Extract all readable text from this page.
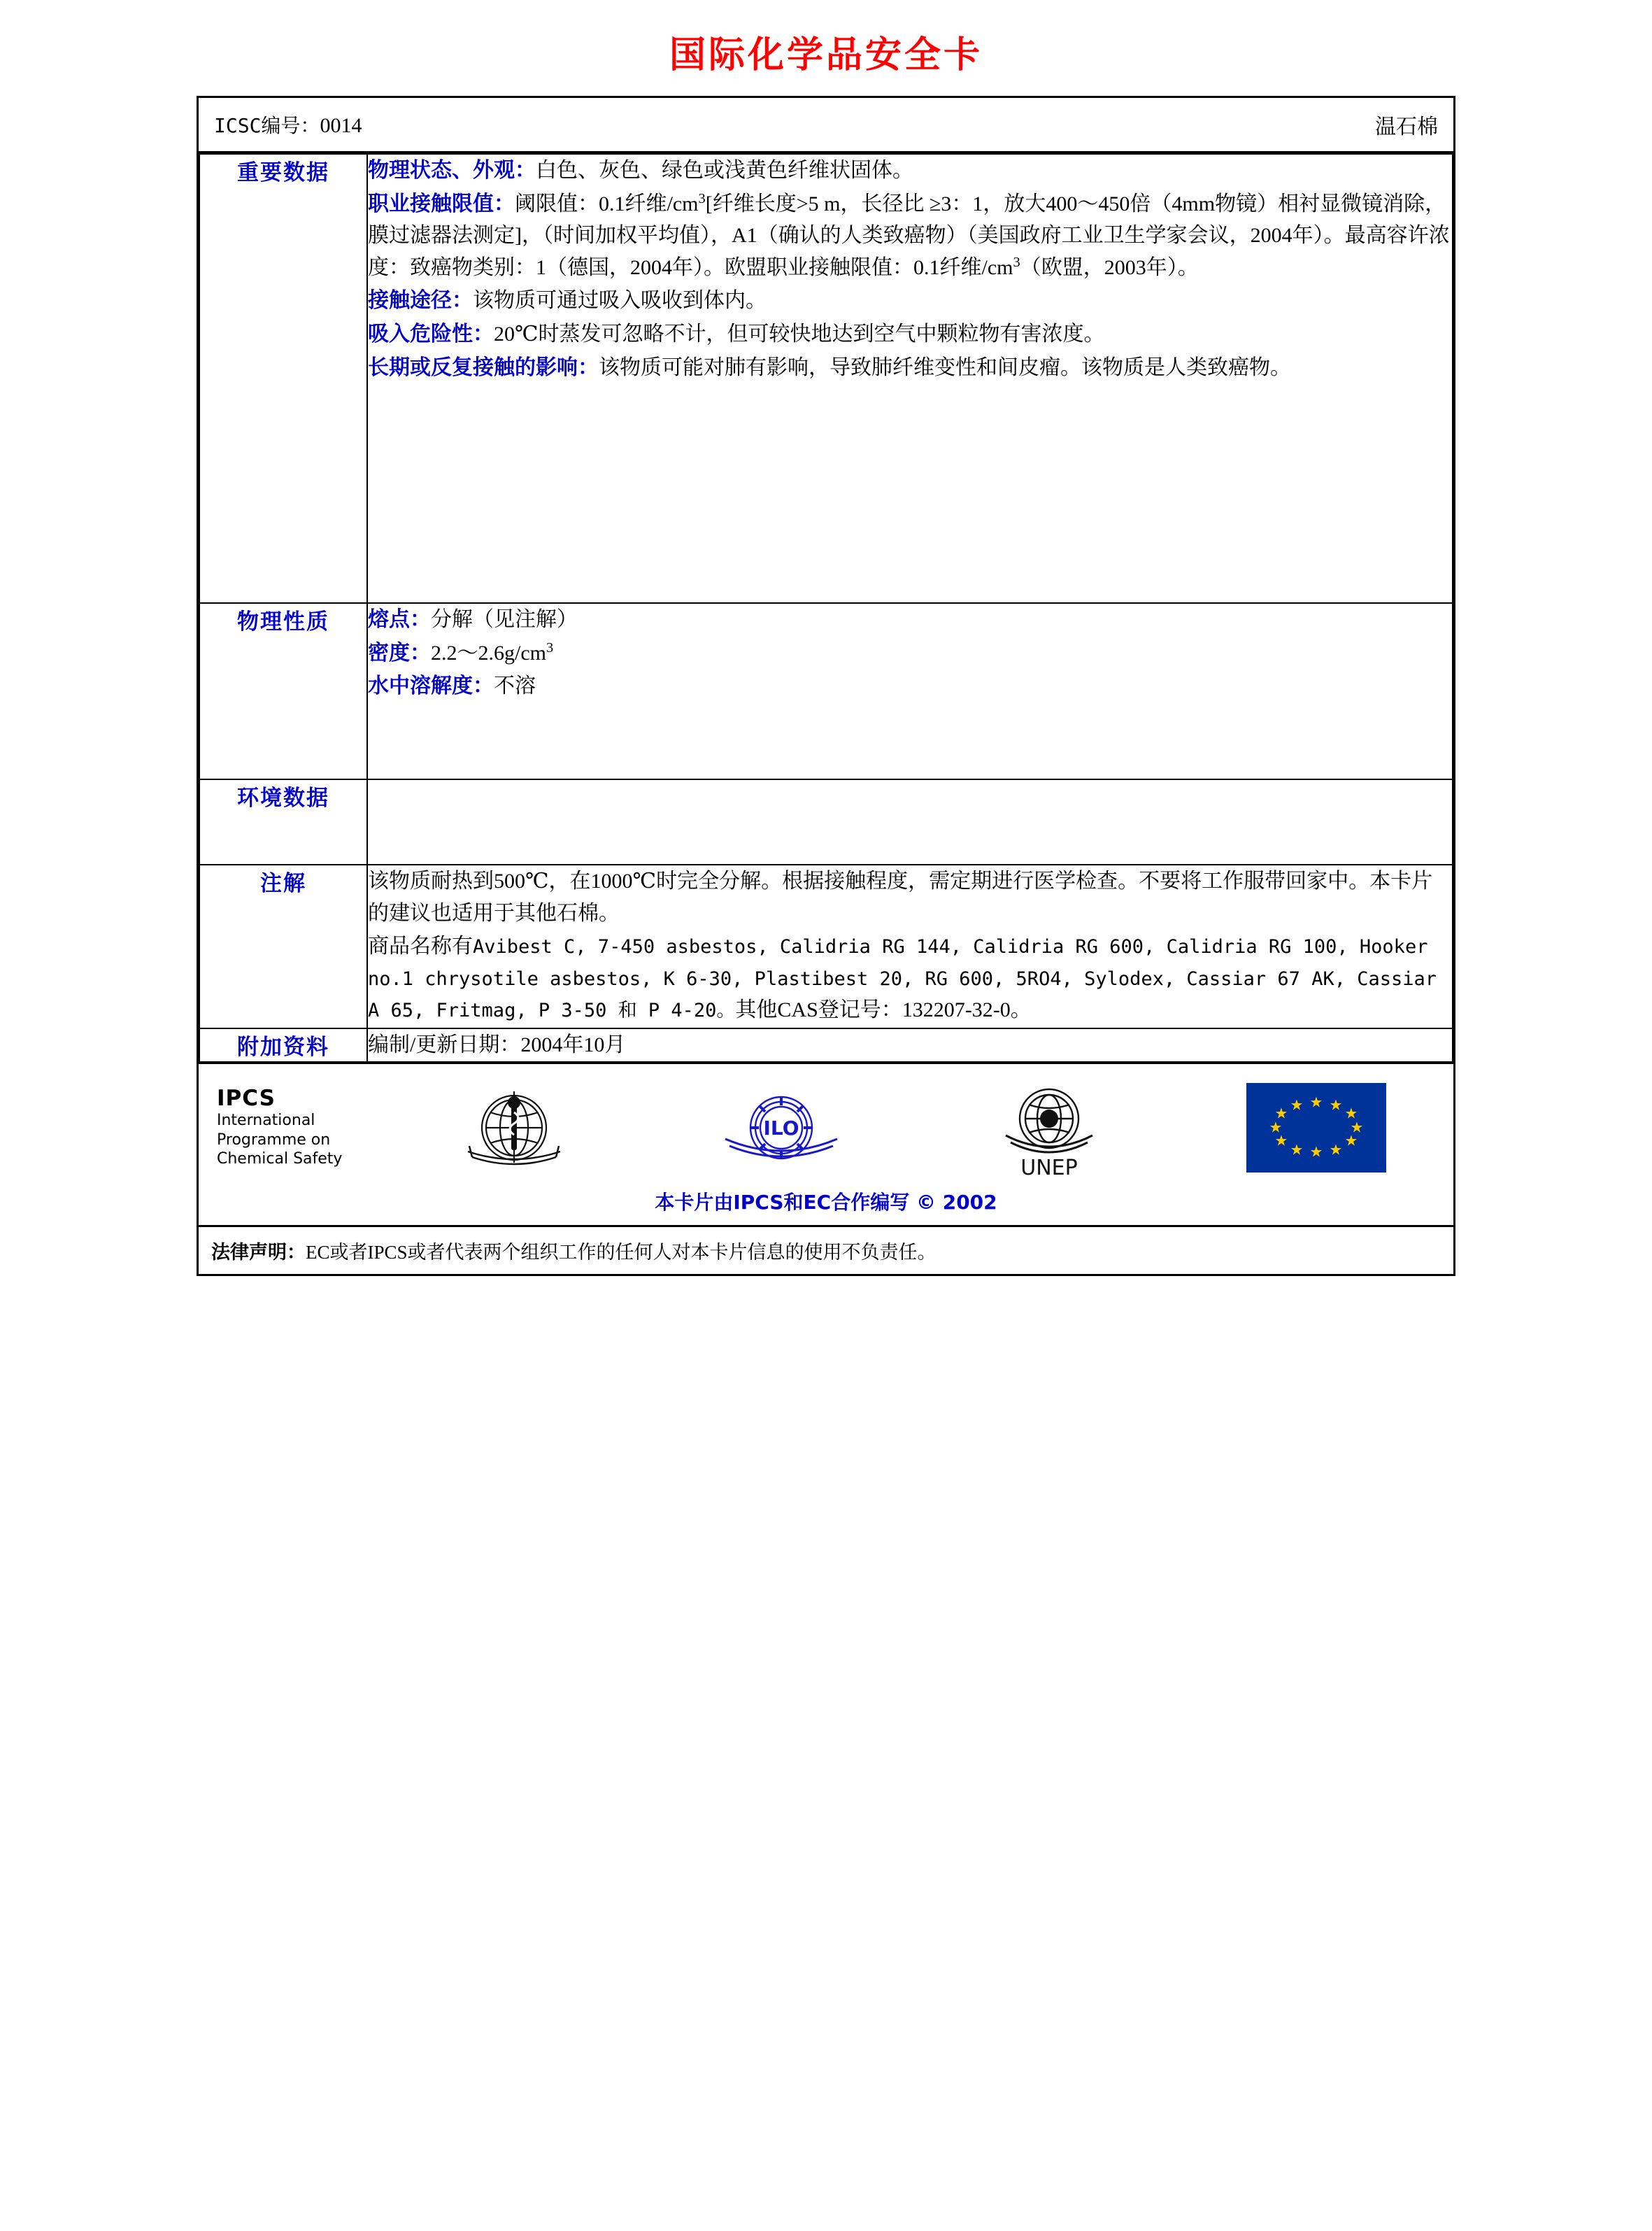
国际化学品安全卡
ICSC编号：0014	温石棉
重要数据	物理状态、外观：白色、灰色、绿色或浅黄色纤维状固体。

职业接触限值：阈限值：0.1纤维$/cm^3$[纤维长度>5 m，长径比 ≥3：1，放大400～450倍（4mm物镜）相衬显微镜消除，膜过滤器法测定]，（时间加权平均值），A1（确认的人类致癌物）（美国政府工业卫生学家会议，2004年）。最高容许浓度：致癌物类别：1（德国，2004年）。欧盟职业接触限值：0.1纤维$/cm^3$（欧盟，2003年）。

接触途径：该物质可通过吸入吸收到体内。

吸入危险性：20℃时蒸发可忽略不计，但可较快地达到空气中颗粒物有害浓度。

长期或反复接触的影响：该物质可能对肺有影响，导致肺纤维变性和间皮瘤。该物质是人类致癌物。

物理性质	熔点：分解（见注解）

密度：$2.2\sim 2.6g/cm^3$

水中溶解度：不溶

环境数据	
注解	该物质耐热到500℃，在1000℃时完全分解。根据接触程度，需定期进行医学检查。不要将工作服带回家中。本卡片的建议也适用于其他石棉。

商品名称有Avibest C, 7-450 asbestos, Calidria RG 144, Calidria RG 600, Calidria RG 100, Hooker no.1 chrysotile asbestos, K 6-30, Plastibest 20, RG 600, 5RO4, Sylodex, Cassiar 67 AK, Cassiar A 65, Fritmag, P 3-50 和 P 4-20。其他CAS登记号：132207-32-0。

附加资料	编制/更新日期：2004年10月
IPCS
International Programme on Chemical Safety
ILO
UNEP
★ ★
★
★
★
★
★
★
★
★
★
★
本卡片由IPCS和EC合作编写 © 2002
法律声明：EC或者IPCS或者代表两个组织工作的任何人对本卡片信息的使用不负责任。
